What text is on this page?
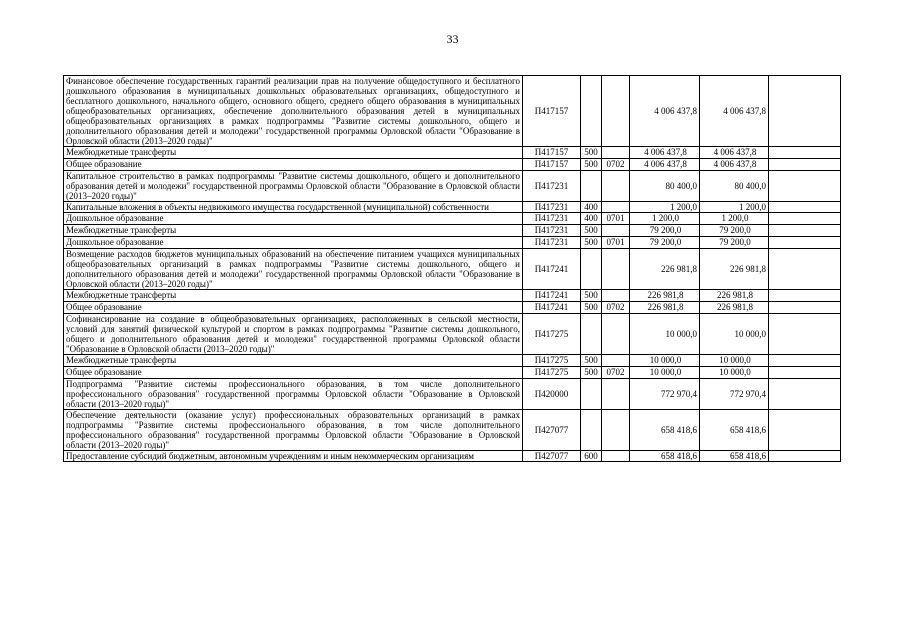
33
Финансовое обеспечение государственных гарантий реализации прав на получение общедоступного и бесплатного дошкольного образования в муниципальных дошкольных образовательных организациях, общедоступного и бесплатного дошкольного, начального общего, основного общего, среднего общего образования в муниципальных общеобразовательных организациях, обеспечение дополнительного образования детей в муниципальных общеобразовательных организациях в рамках подпрограммы "Развитие системы дошкольного, общего и дополнительного образования детей и молодежи" государственной программы Орловской области "Образование в Орловской области (2013–2020 годы)"	П417157			4 006 437,8	4 006 437,8	
Межбюджетные трансферты	П417157	500		4 006 437,8	4 006 437,8	
Общее образование	П417157	500	0702	4 006 437,8	4 006 437,8	
Капитальное строительство в рамках подпрограммы "Развитие системы дошкольного, общего и дополнительного образования детей и молодежи" государственной программы Орловской области "Образование в Орловской области (2013–2020 годы)"	П417231			80 400,0	80 400,0	
Капитальные вложения в объекты недвижимого имущества государственной (муниципальной) собственности	П417231	400		1 200,0	1 200,0	
Дошкольное образование	П417231	400	0701	1 200,0	1 200,0	
Межбюджетные трансферты	П417231	500		79 200,0	79 200,0	
Дошкольное образование	П417231	500	0701	79 200,0	79 200,0	
Возмещение расходов бюджетов муниципальных образований на обеспечение питанием учащихся муниципальных общеобразовательных организаций в рамках подпрограммы "Развитие системы дошкольного, общего и дополнительного образования детей и молодежи" государственной программы Орловской области "Образование в Орловской области (2013–2020 годы)"	П417241			226 981,8	226 981,8	
Межбюджетные трансферты	П417241	500		226 981,8	226 981,8	
Общее образование	П417241	500	0702	226 981,8	226 981,8	
Софинансирование на создание в общеобразовательных организациях, расположенных в сельской местности, условий для занятий физической культурой и спортом в рамках подпрограммы "Развитие системы дошкольного, общего и дополнительного образования детей и молодежи" государственной программы Орловской области "Образование в Орловской области (2013–2020 годы)"	П417275			10 000,0	10 000,0	
Межбюджетные трансферты	П417275	500		10 000,0	10 000,0	
Общее образование	П417275	500	0702	10 000,0	10 000,0	
Подпрограмма "Развитие системы профессионального образования, в том числе дополнительного профессионального образования" государственной программы Орловской области "Образование в Орловской области (2013–2020 годы)"	П420000			772 970,4	772 970,4	
Обеспечение деятельности (оказание услуг) профессиональных образовательных организаций в рамках подпрограммы "Развитие системы профессионального образования, в том числе дополнительного профессионального образования" государственной программы Орловской области "Образование в Орловской области (2013–2020 годы)"	П427077			658 418,6	658 418,6	
Предоставление субсидий бюджетным, автономным учреждениям и иным некоммерческим организациям	П427077	600		658 418,6	658 418,6	
